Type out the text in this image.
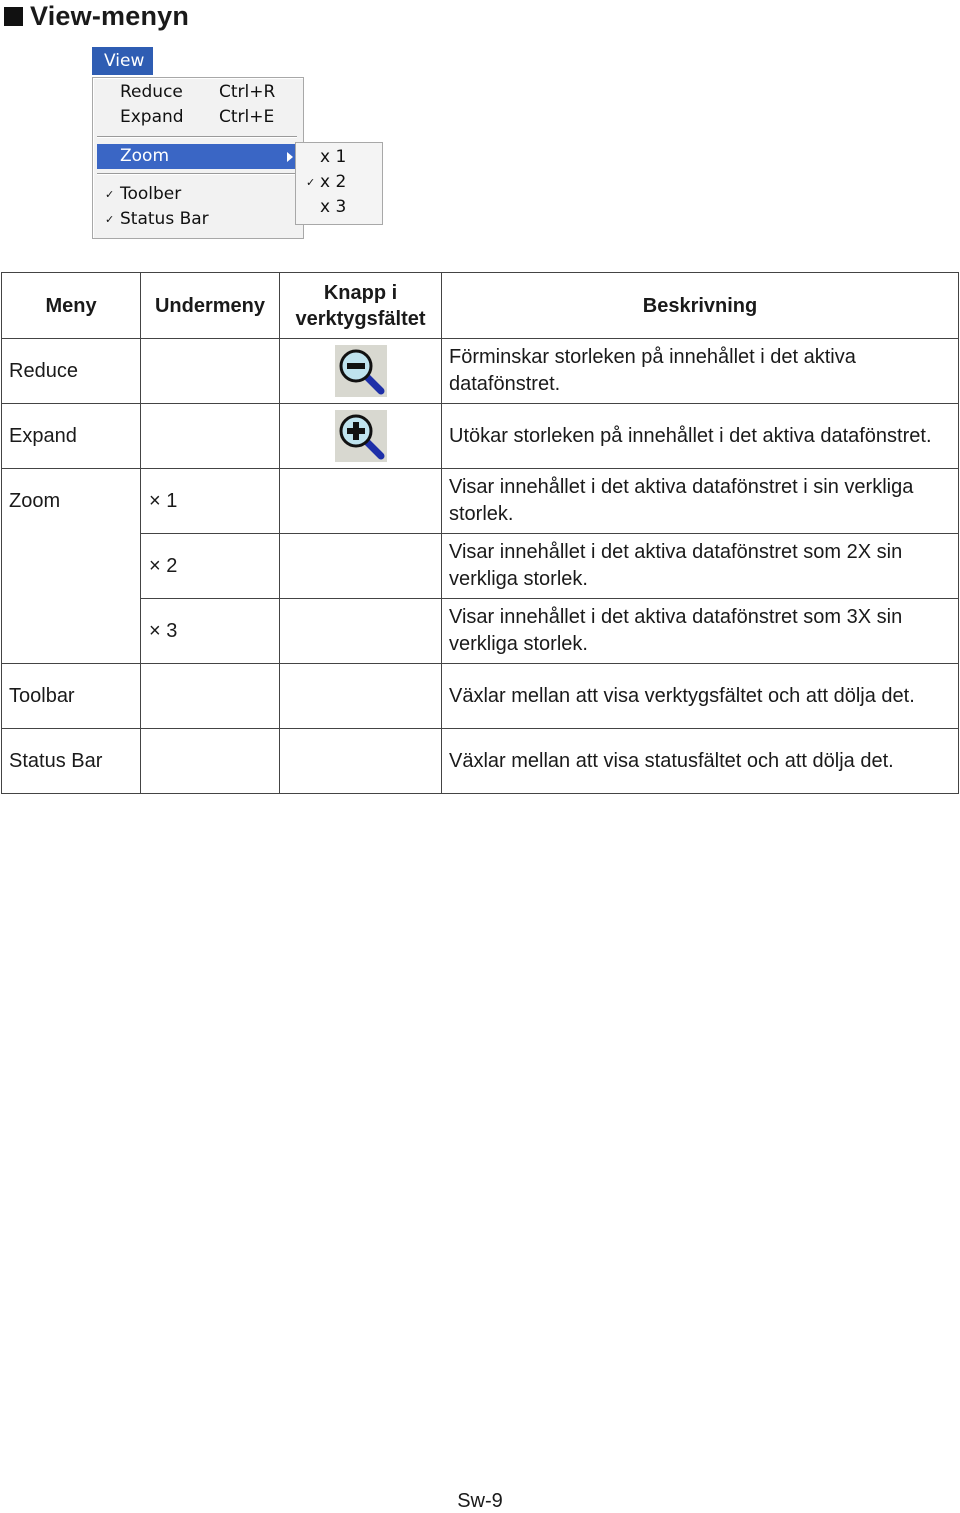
View-menyn
View
Reduce Ctrl+R
Expand Ctrl+E
Zoom
✓ Toolber
✓ Status Bar
x 1
✓ x 2
x 3
Meny	Undermeny	Knapp i verktygsfältet	Beskrivning
Reduce			Förminskar storleken på innehållet i det aktiva datafönstret.
Expand			Utökar storleken på innehållet i det aktiva datafönstret.
Zoom	× 1		Visar innehållet i det aktiva datafönstret i sin verkliga storlek.
	× 2		Visar innehållet i det aktiva datafönstret som 2X sin verkliga storlek.
	× 3		Visar innehållet i det aktiva datafönstret som 3X sin verkliga storlek.
Toolbar			Växlar mellan att visa verktygsfältet och att dölja det.
Status Bar			Växlar mellan att visa statusfältet och att dölja det.
Sw-9
